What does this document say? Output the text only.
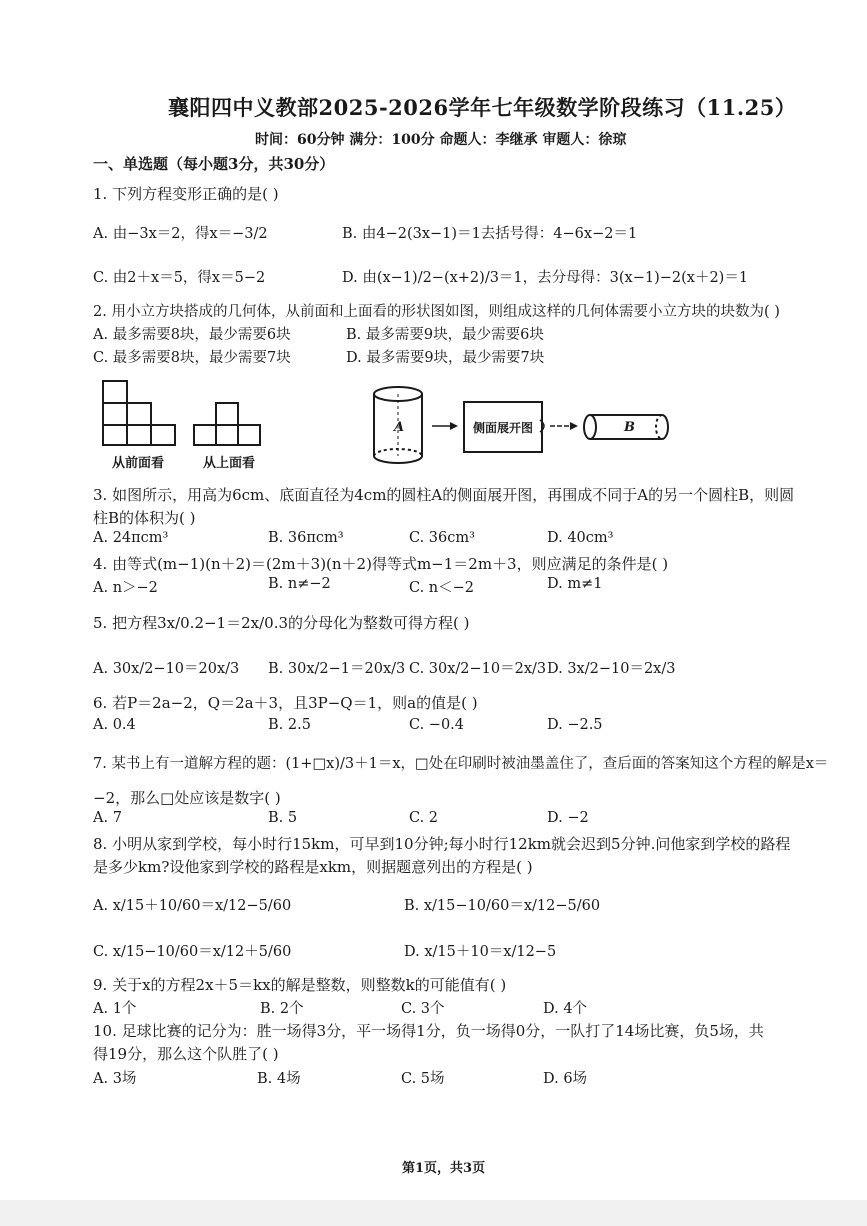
襄阳四中义教部2025-2026学年七年级数学阶段练习（11.25）
时间：60分钟 满分：100分 命题人：李继承 审题人：徐琼
一、单选题（每小题3分，共30分）
1. 下列方程变形正确的是( )
A. 由−3x＝2，得x＝−3/2	B. 由4−2(3x−1)＝1去括号得：4−6x−2＝1
C. 由2＋x＝5，得x＝5−2	D. 由(x−1)/2−(x+2)/3＝1，去分母得：3(x−1)−2(x＋2)＝1
2. 用小立方块搭成的几何体，从前面和上面看的形状图如图，则组成这样的几何体需要小立方块的块数为( )
A. 最多需要8块，最少需要6块	B. 最多需要9块，最少需要6块
C. 最多需要8块，最少需要7块	D. 最多需要9块，最少需要7块
从前面看	从上面看
A	侧面展开图	B
3. 如图所示，用高为6cm、底面直径为4cm的圆柱A的侧面展开图，再围成不同于A的另一个圆柱B，则圆
柱B的体积为( )
A. 24πcm³	B. 36πcm³	C. 36cm³	D. 40cm³
4. 由等式(m−1)(n＋2)＝(2m＋3)(n＋2)得等式m−1＝2m＋3，则应满足的条件是( )
A. n＞−2	B. n≠−2	C. n＜−2	D. m≠1
5. 把方程3x/0.2−1＝2x/0.3的分母化为整数可得方程( )
A. 30x/2−10＝20x/3 B. 30x/2−1＝20x/3 C. 30x/2−10＝2x/3 D. 3x/2−10＝2x/3
6. 若P＝2a−2，Q＝2a＋3，且3P−Q＝1，则a的值是( )
A. 0.4	B. 2.5	C. −0.4	D. −2.5
7. 某书上有一道解方程的题：(1+□x)/3＋1＝x，□处在印刷时被油墨盖住了，查后面的答案知这个方程的解是x＝
−2，那么□处应该是数字( )
A. 7	B. 5	C. 2	D. −2
8. 小明从家到学校，每小时行15km，可早到10分钟;每小时行12km就会迟到5分钟.问他家到学校的路程
是多少km?设他家到学校的路程是xkm，则据题意列出的方程是( )
A. x/15＋10/60＝x/12−5/60	B. x/15−10/60＝x/12−5/60
C. x/15−10/60＝x/12＋5/60	D. x/15＋10＝x/12−5
9. 关于x的方程2x＋5＝kx的解是整数，则整数k的可能值有( )
A. 1个	B. 2个	C. 3个	D. 4个
10. 足球比赛的记分为：胜一场得3分，平一场得1分，负一场得0分，一队打了14场比赛，负5场，共
得19分，那么这个队胜了( )
A. 3场	B. 4场	C. 5场	D. 6场
第1页，共3页
